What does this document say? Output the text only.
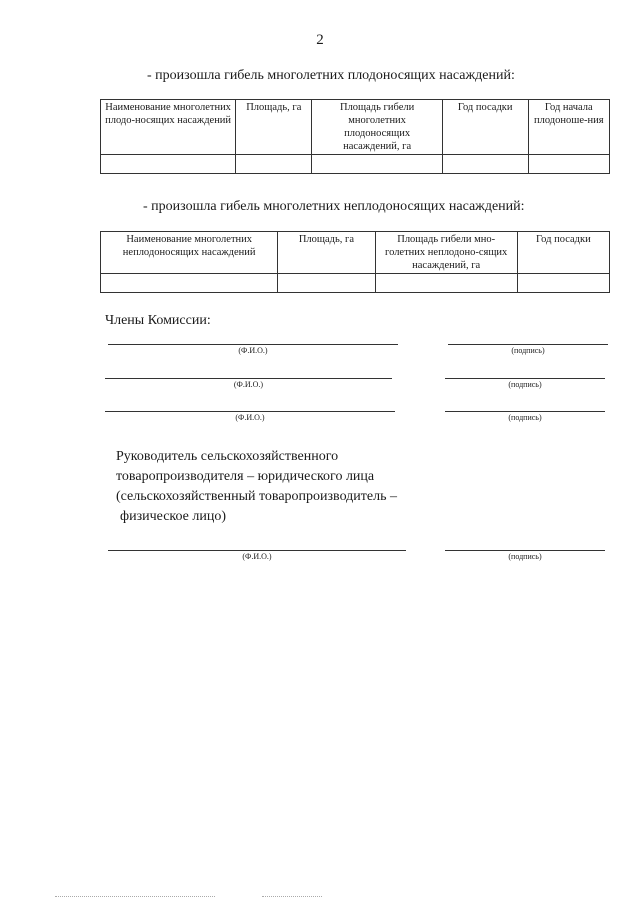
2
- произошла гибель многолетних плодоносящих насаждений:
Наименование многолетних плодо-носящих насаждений	Площадь, га	Площадь гибели многолетних плодоносящих насаждений, га	Год посадки	Год начала плодоноше-ния

- произошла гибель многолетних неплодоносящих насаждений:
Наименование многолетних неплодоносящих насаждений	Площадь, га	Площадь гибели мно-голетних неплодоно-сящих насаждений, га	Год посадки

Члены Комиссии:
(Ф.И.О.)	(подпись)
(Ф.И.О.)	(подпись)
(Ф.И.О.)	(подпись)
Руководитель сельскохозяйственного
товаропроизводителя – юридического лица
(сельскохозяйственный товаропроизводитель –
физическое лицо)
(Ф.И.О.)	(подпись)
